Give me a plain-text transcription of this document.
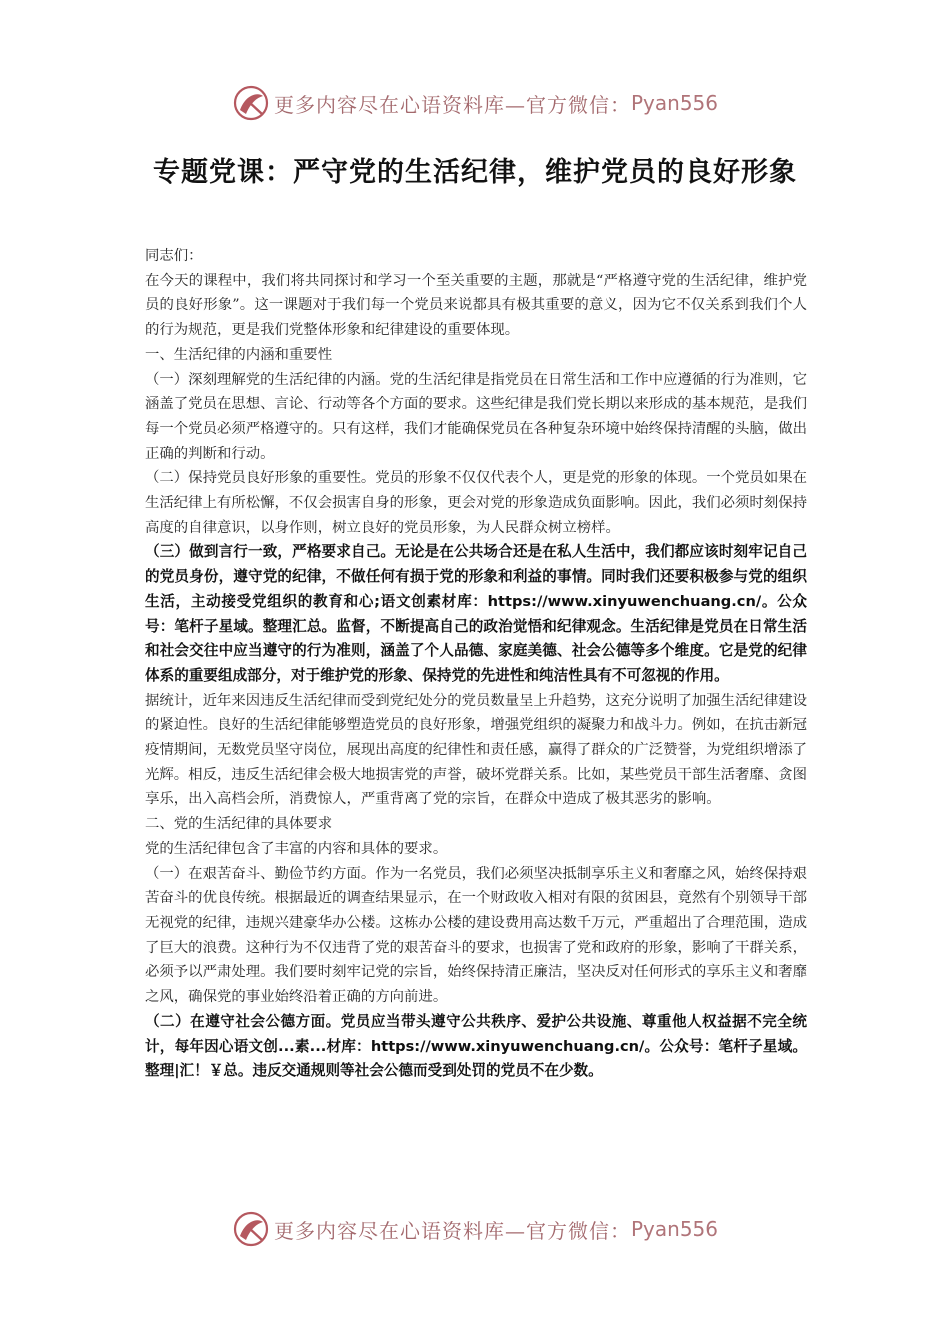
更多内容尽在心语资料库—官方微信： Pyan556
专题党课：严守党的生活纪律，维护党员的良好形象

同志们：

在今天的课程中，我们将共同探讨和学习一个至关重要的主题，那就是“严格遵守党的生活纪律，维护党员的良好形象”。这一课题对于我们每一个党员来说都具有极其重要的意义，因为它不仅关系到我们个人的行为规范，更是我们党整体形象和纪律建设的重要体现。

一、生活纪律的内涵和重要性

（一）深刻理解党的生活纪律的内涵。党的生活纪律是指党员在日常生活和工作中应遵循的行为准则，它涵盖了党员在思想、言论、行动等各个方面的要求。这些纪律是我们党长期以来形成的基本规范，是我们每一个党员必须严格遵守的。只有这样，我们才能确保党员在各种复杂环境中始终保持清醒的头脑，做出正确的判断和行动。

（二）保持党员良好形象的重要性。党员的形象不仅仅代表个人，更是党的形象的体现。一个党员如果在生活纪律上有所松懈，不仅会损害自身的形象，更会对党的形象造成负面影响。因此，我们必须时刻保持高度的自律意识，以身作则，树立良好的党员形象，为人民群众树立榜样。

（三）做到言行一致，严格要求自己。无论是在公共场合还是在私人生活中，我们都应该时刻牢记自己的党员身份，遵守党的纪律，不做任何有损于党的形象和利益的事情。同时我们还要积极参与党的组织生活，主动接受党组织的教育和心;语文创素材库：https://www.xinyuwenchuang.cn/。公众号：笔杆子星域。整理汇总。监督，不断提高自己的政治觉悟和纪律观念。生活纪律是党员在日常生活和社会交往中应当遵守的行为准则，涵盖了个人品德、家庭美德、社会公德等多个维度。它是党的纪律体系的重要组成部分，对于维护党的形象、保持党的先进性和纯洁性具有不可忽视的作用。

据统计，近年来因违反生活纪律而受到党纪处分的党员数量呈上升趋势，这充分说明了加强生活纪律建设的紧迫性。良好的生活纪律能够塑造党员的良好形象，增强党组织的凝聚力和战斗力。例如，在抗击新冠疫情期间，无数党员坚守岗位，展现出高度的纪律性和责任感，赢得了群众的广泛赞誉，为党组织增添了光辉。相反，违反生活纪律会极大地损害党的声誉，破坏党群关系。比如，某些党员干部生活奢靡、贪图享乐，出入高档会所，消费惊人，严重背离了党的宗旨，在群众中造成了极其恶劣的影响。

二、党的生活纪律的具体要求

党的生活纪律包含了丰富的内容和具体的要求。

（一）在艰苦奋斗、勤俭节约方面。作为一名党员，我们必须坚决抵制享乐主义和奢靡之风，始终保持艰苦奋斗的优良传统。根据最近的调查结果显示，在一个财政收入相对有限的贫困县，竟然有个别领导干部无视党的纪律，违规兴建豪华办公楼。这栋办公楼的建设费用高达数千万元，严重超出了合理范围，造成了巨大的浪费。这种行为不仅违背了党的艰苦奋斗的要求，也损害了党和政府的形象，影响了干群关系，必须予以严肃处理。我们要时刻牢记党的宗旨，始终保持清正廉洁，坚决反对任何形式的享乐主义和奢靡之风，确保党的事业始终沿着正确的方向前进。

（二）在遵守社会公德方面。党员应当带头遵守公共秩序、爱护公共设施、尊重他人权益据不完全统计，每年因心语文创...素...材库：https://www.xinyuwenchuang.cn/。公众号：笔杆子星域。整理|汇！￥总。违反交通规则等社会公德而受到处罚的党员不在少数。

更多内容尽在心语资料库—官方微信： Pyan556
